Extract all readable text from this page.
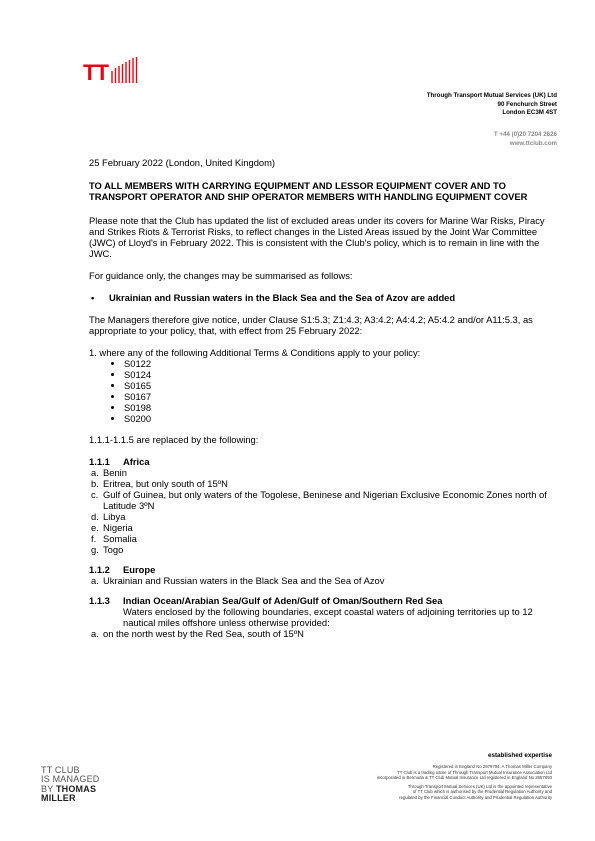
TT
Through Transport Mutual Services (UK) Ltd
90 Fenchurch Street
London EC3M 4ST
T +44 (0)20 7204 2626
www.ttclub.com

25 February 2022 (London, United Kingdom)

TO ALL MEMBERS WITH CARRYING EQUIPMENT AND LESSOR EQUIPMENT COVER AND TO TRANSPORT OPERATOR AND SHIP OPERATOR MEMBERS WITH HANDLING EQUIPMENT COVER

Please note that the Club has updated the list of excluded areas under its covers for Marine War Risks, Piracy and Strikes Riots & Terrorist Risks, to reflect changes in the Listed Areas issued by the Joint War Committee (JWC) of Lloyd's in February 2022. This is consistent with the Club's policy, which is to remain in line with the JWC.

For guidance only, the changes may be summarised as follows:

•	Ukrainian and Russian waters in the Black Sea and the Sea of Azov are added

The Managers therefore give notice, under Clause S1:5.3; Z1:4.3; A3:4.2; A4:4.2; A5:4.2 and/or A11:5.3, as appropriate to your policy, that, with effect from 25 February 2022:

1. where any of the following Additional Terms & Conditions apply to your policy:

• S0122
• S0124
• S0165
• S0167
• S0198
• S0200

1.1.1-1.1.5 are replaced by the following:

1.1.1	Africa
a. Benin
b. Eritrea, but only south of 15ºN
c. Gulf of Guinea, but only waters of the Togolese, Beninese and Nigerian Exclusive Economic Zones north of Latitude 3ºN
d. Libya
e. Nigeria
f. Somalia
g. Togo
1.1.2	Europe
a. Ukrainian and Russian waters in the Black Sea and the Sea of Azov
1.1.3	Indian Ocean/Arabian Sea/Gulf of Aden/Gulf of Oman/Southern Red Sea
Waters enclosed by the following boundaries, except coastal waters of adjoining territories up to 12 nautical miles offshore unless otherwise provided:
a. on the north west by the Red Sea, south of 15ºN
TT CLUB
IS MANAGED
BY THOMAS
MILLER
established expertise
Registered in England No 2979794. A Thomas Miller Company
TT Club is a trading name of Through Transport Mutual Insurance Association Ltd
incorporated in Bermuda & TT Club Mutual Insurance Ltd registered in England No 2657093
Through Transport Mutual Services (UK) Ltd is the appointed representative
of TT Club which is authorised by the Prudential Regulation Authority and
regulated by the Financial Conduct Authority and Prudential Regulation Authority
